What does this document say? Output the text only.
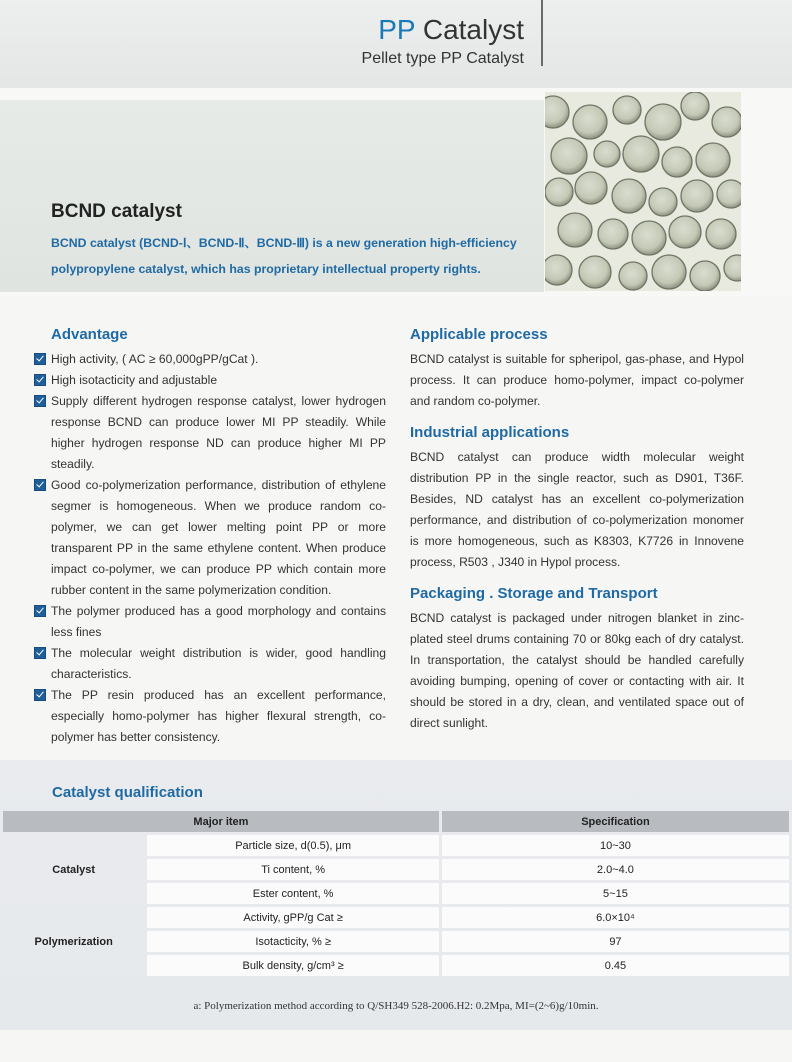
PP Catalyst
Pellet type PP Catalyst
BCND catalyst

BCND catalyst (BCND-Ⅰ、BCND-Ⅱ、BCND-Ⅲ) is a new generation high-efficiency polypropylene catalyst, which has proprietary intellectual property rights.

Advantage
High activity, ( AC ≥ 60,000gPP/gCat ).
High isotacticity and adjustable
Supply different hydrogen response catalyst, lower hydrogen response BCND can produce lower MI PP steadily. While higher hydrogen response ND can produce higher MI PP steadily.
Good co-polymerization performance, distribution of ethylene segmer is homogeneous. When we produce random co-polymer, we can get lower melting point PP or more transparent PP in the same ethylene content. When produce impact co-polymer, we can produce PP which contain more rubber content in the same polymerization condition.
The polymer produced has a good morphology and contains less fines
The molecular weight distribution is wider, good handling characteristics.
The PP resin produced has an excellent performance, especially homo-polymer has higher flexural strength, co-polymer has better consistency.
Applicable process

BCND catalyst is suitable for spheripol, gas-phase, and Hypol process. It can produce homo-polymer, impact co-polymer and random co-polymer.

Industrial applications

BCND catalyst can produce width molecular weight distribution PP in the single reactor, such as D901, T36F. Besides, ND catalyst has an excellent co-polymerization performance, and distribution of co-polymerization monomer is more homogeneous, such as K8303, K7726 in Innovene process, R503 , J340 in Hypol process.

Packaging . Storage and Transport

BCND catalyst is packaged under nitrogen blanket in zinc-plated steel drums containing 70 or 80kg each of dry catalyst. In transportation, the catalyst should be handled carefully avoiding bumping, opening of cover or contacting with air. It should be stored in a dry, clean, and ventilated space out of direct sunlight.

Catalyst qualification
Major item		Specification
Catalyst	Particle size, d(0.5), μm	10~30
	Ti content, %	2.0~4.0
	Ester content, %	5~15
Polymerization	Activity, gPP/g Cat ≥	6.0×10⁴
	Isotacticity, % ≥	97
	Bulk density, g/cm³ ≥	0.45
a: Polymerization method according to Q/SH349 528-2006.H2: 0.2Mpa, MI=(2~6)g/10min.
